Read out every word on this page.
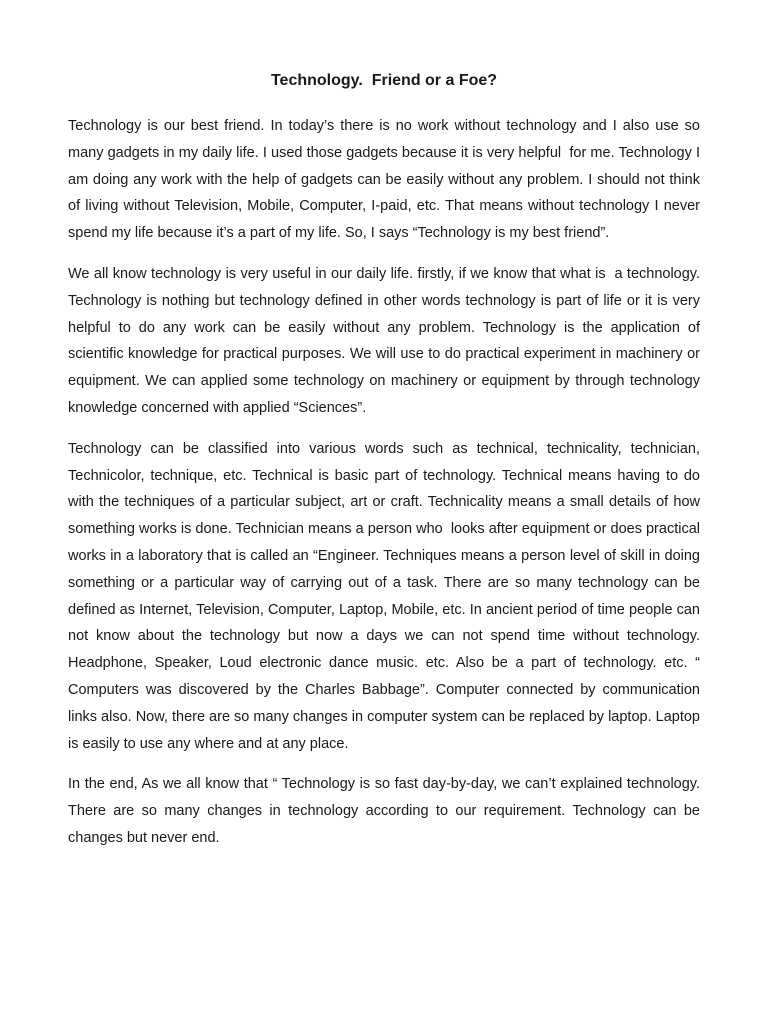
Technology.  Friend or a Foe?

Technology is our best friend. In today’s there is no work without technology and I also use so many gadgets in my daily life. I used those gadgets because it is very helpful  for me. Technology I am doing any work with the help of gadgets can be easily without any problem. I should not think of living without Television, Mobile, Computer, I-paid, etc. That means without technology I never spend my life because it’s a part of my life. So, I says “Technology is my best friend”.

We all know technology is very useful in our daily life. firstly, if we know that what is  a technology. Technology is nothing but technology defined in other words technology is part of life or it is very helpful to do any work can be easily without any problem. Technology is the application of scientific knowledge for practical purposes. We will use to do practical experiment in machinery or equipment. We can applied some technology on machinery or equipment by through technology knowledge concerned with applied “Sciences”.

Technology can be classified into various words such as technical, technicality, technician, Technicolor, technique, etc. Technical is basic part of technology. Technical means having to do with the techniques of a particular subject, art or craft. Technicality means a small details of how something works is done. Technician means a person who  looks after equipment or does practical works in a laboratory that is called an “Engineer. Techniques means a person level of skill in doing something or a particular way of carrying out of a task. There are so many technology can be defined as Internet, Television, Computer, Laptop, Mobile, etc. In ancient period of time people can not know about the technology but now a days we can not spend time without technology. Headphone, Speaker, Loud electronic dance music. etc. Also be a part of technology. etc. “ Computers was discovered by the Charles Babbage”. Computer connected by communication links also. Now, there are so many changes in computer system can be replaced by laptop. Laptop is easily to use any where and at any place.

In the end, As we all know that “ Technology is so fast day-by-day, we can’t explained technology. There are so many changes in technology according to our requirement. Technology can be changes but never end.
